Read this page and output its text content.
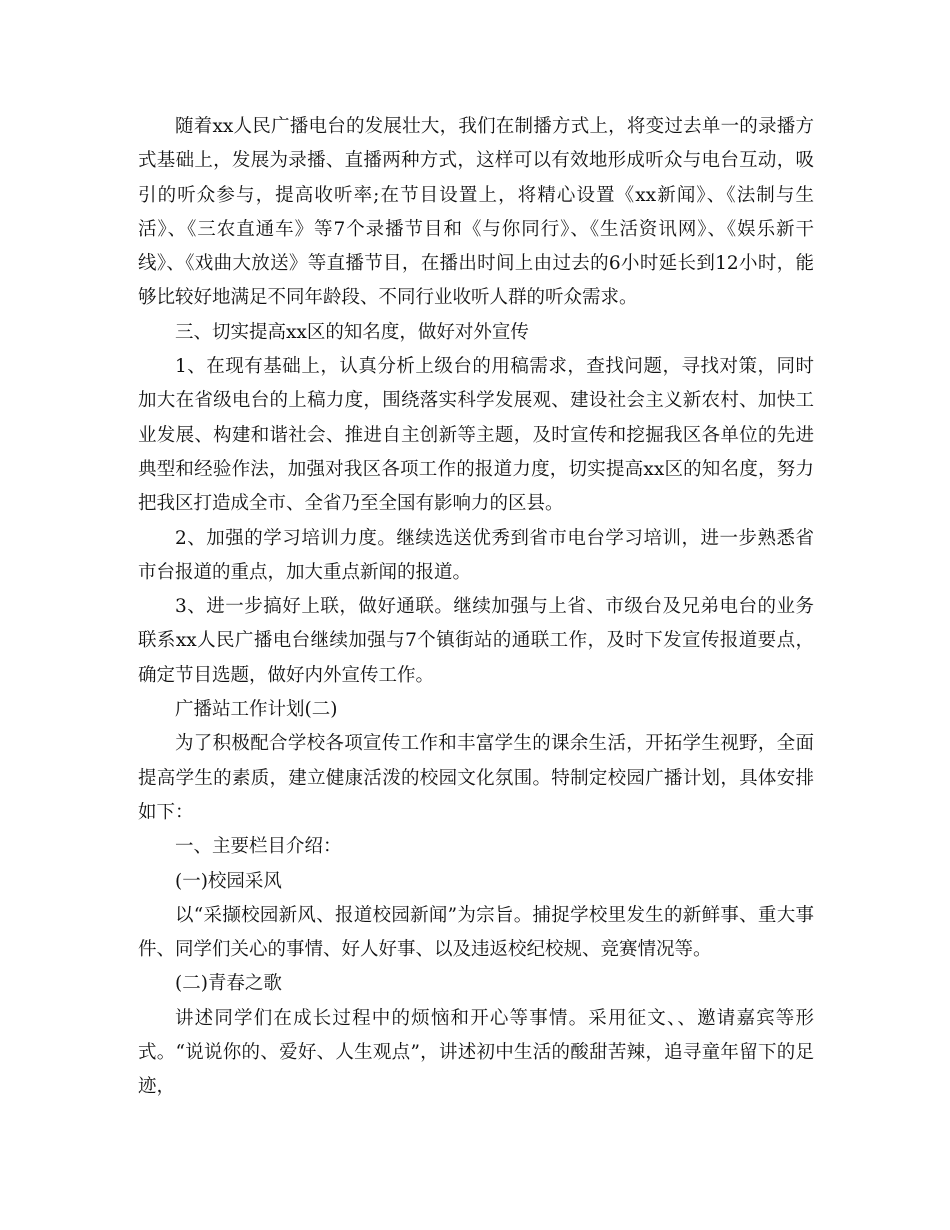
随着xx人民广播电台的发展壮大，我们在制播方式上，将变过去单一的录播方式基础上，发展为录播、直播两种方式，这样可以有效地形成听众与电台互动，吸引的听众参与，提高收听率;在节目设置上，将精心设置《xx新闻》、《法制与生活》、《三农直通车》等7个录播节目和《与你同行》、《生活资讯网》、《娱乐新干线》、《戏曲大放送》等直播节目，在播出时间上由过去的6小时延长到12小时，能够比较好地满足不同年龄段、不同行业收听人群的听众需求。

三、切实提高xx区的知名度，做好对外宣传

1、在现有基础上，认真分析上级台的用稿需求，查找问题，寻找对策，同时加大在省级电台的上稿力度，围绕落实科学发展观、建设社会主义新农村、加快工业发展、构建和谐社会、推进自主创新等主题，及时宣传和挖掘我区各单位的先进典型和经验作法，加强对我区各项工作的报道力度，切实提高xx区的知名度，努力把我区打造成全市、全省乃至全国有影响力的区县。

2、加强的学习培训力度。继续选送优秀到省市电台学习培训，进一步熟悉省市台报道的重点，加大重点新闻的报道。

3、进一步搞好上联，做好通联。继续加强与上省、市级台及兄弟电台的业务联系xx人民广播电台继续加强与7个镇街站的通联工作，及时下发宣传报道要点，确定节目选题，做好内外宣传工作。

广播站工作计划(二)

为了积极配合学校各项宣传工作和丰富学生的课余生活，开拓学生视野，全面提高学生的素质，建立健康活泼的校园文化氛围。特制定校园广播计划，具体安排如下：

一、主要栏目介绍：

(一)校园采风

以“采撷校园新风、报道校园新闻”为宗旨。捕捉学校里发生的新鲜事、重大事件、同学们关心的事情、好人好事、以及违返校纪校规、竞赛情况等。

(二)青春之歌

讲述同学们在成长过程中的烦恼和开心等事情。采用征文、、邀请嘉宾等形式。“说说你的、爱好、人生观点”，讲述初中生活的酸甜苦辣，追寻童年留下的足迹，
